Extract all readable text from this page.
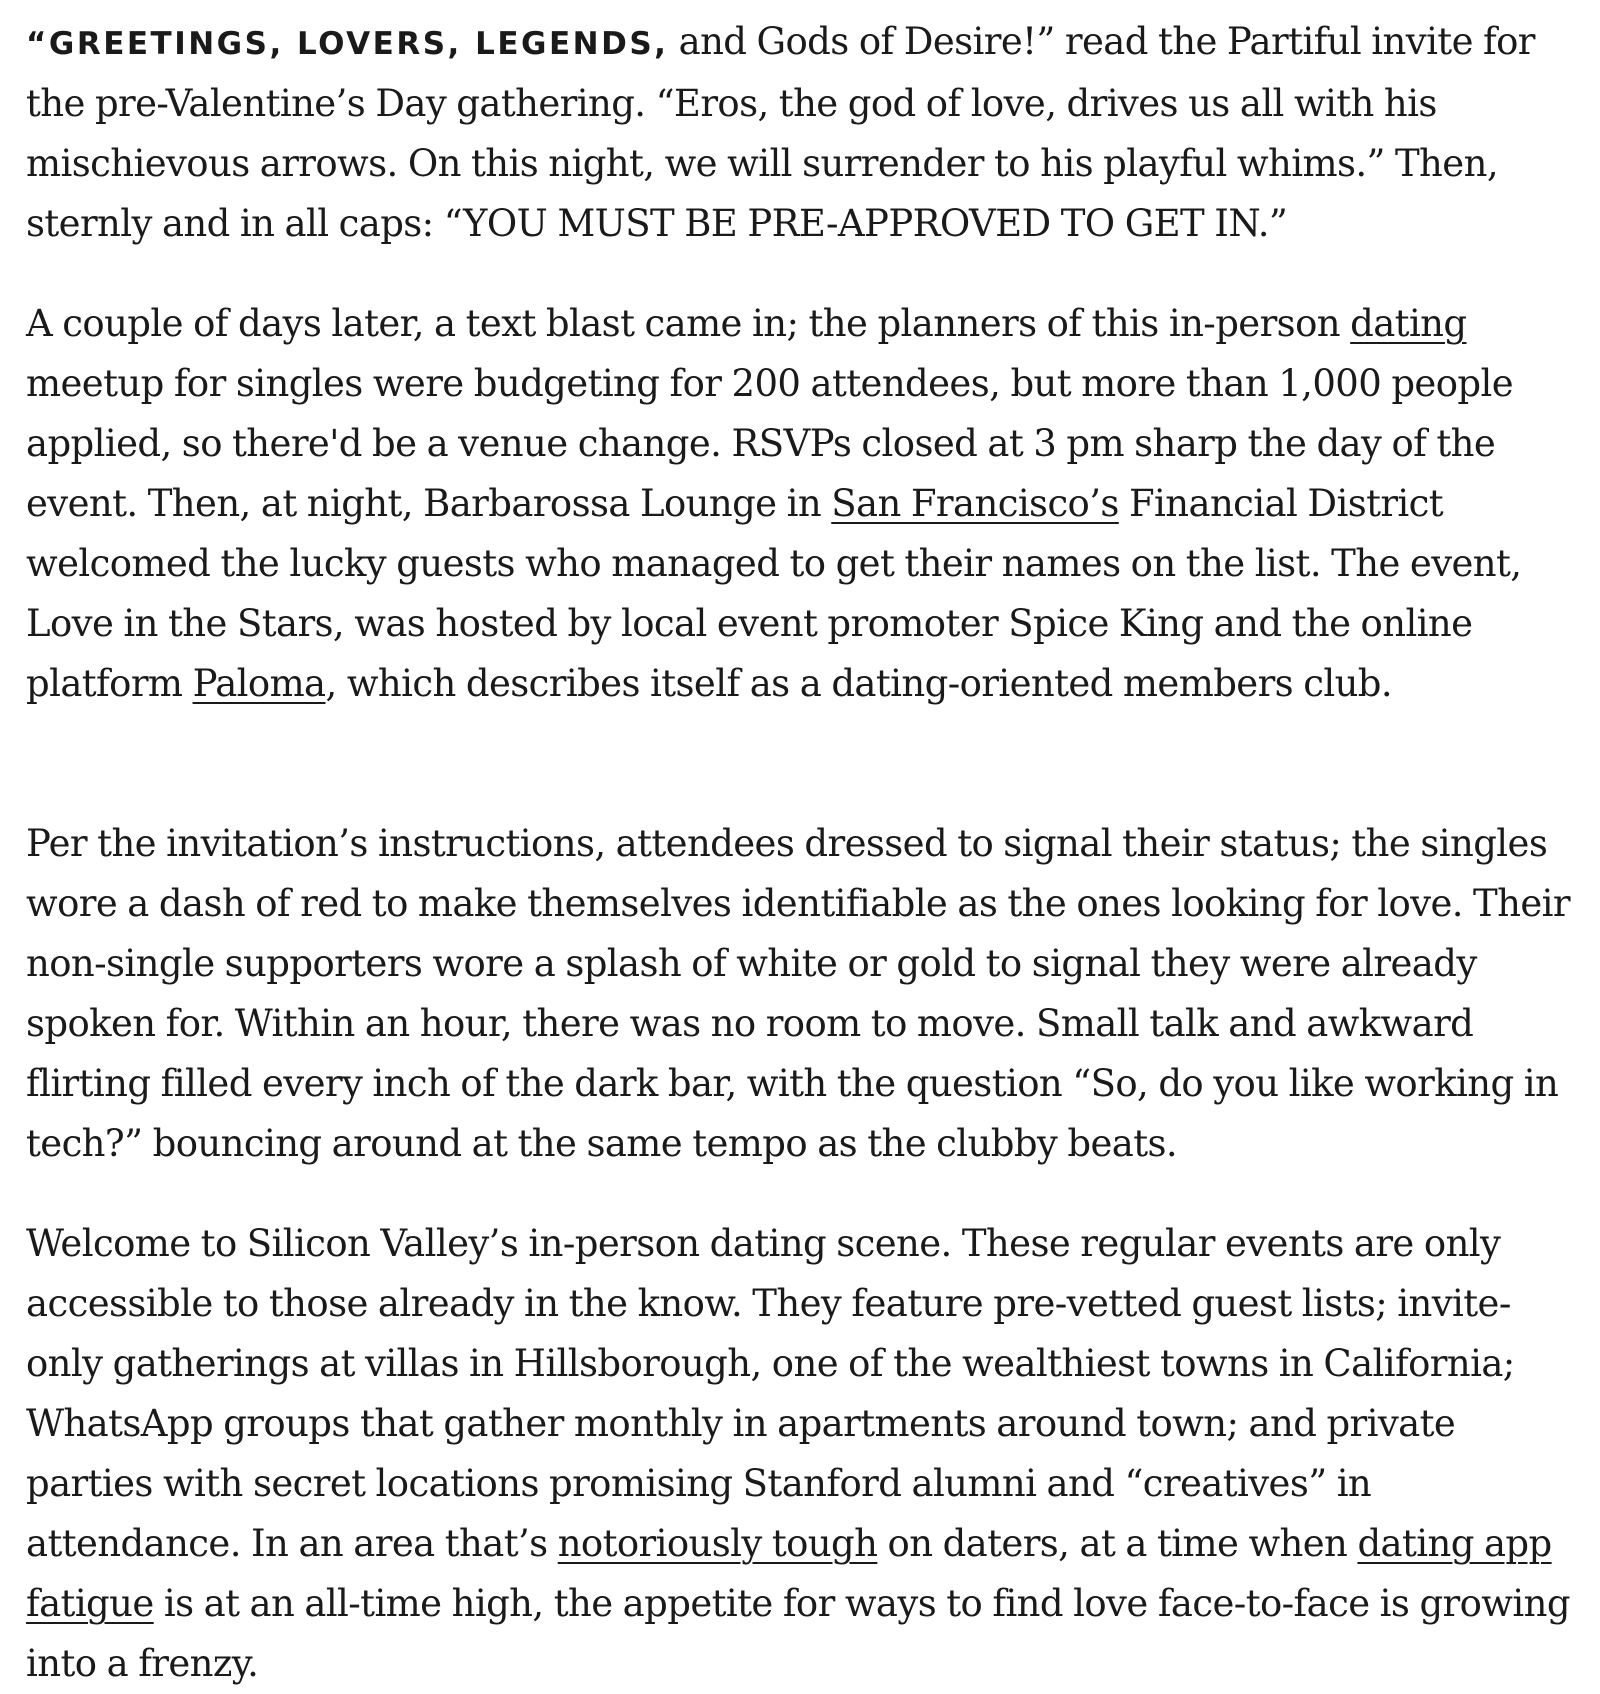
“GREETINGS, LOVERS, LEGENDS, and Gods of Desire!” read the Partiful invite for the pre-Valentine’s Day gathering. “Eros, the god of love, drives us all with his mischievous arrows. On this night, we will surrender to his playful whims.” Then, sternly and in all caps: “YOU MUST BE PRE-APPROVED TO GET IN.”

A couple of days later, a text blast came in; the planners of this in-person dating meetup for singles were budgeting for 200 attendees, but more than 1,000 people applied, so there'd be a venue change. RSVPs closed at 3 pm sharp the day of the event. Then, at night, Barbarossa Lounge in San Francisco’s Financial District welcomed the lucky guests who managed to get their names on the list. The event, Love in the Stars, was hosted by local event promoter Spice King and the online platform Paloma, which describes itself as a dating-oriented members club.

Per the invitation’s instructions, attendees dressed to signal their status; the singles wore a dash of red to make themselves identifiable as the ones looking for love. Their non-single supporters wore a splash of white or gold to signal they were already spoken for. Within an hour, there was no room to move. Small talk and awkward flirting filled every inch of the dark bar, with the question “So, do you like working in tech?” bouncing around at the same tempo as the clubby beats.

Welcome to Silicon Valley’s in-person dating scene. These regular events are only accessible to those already in the know. They feature pre-vetted guest lists; invite-only gatherings at villas in Hillsborough, one of the wealthiest towns in California; WhatsApp groups that gather monthly in apartments around town; and private parties with secret locations promising Stanford alumni and “creatives” in attendance. In an area that’s notoriously tough on daters, at a time when dating app fatigue is at an all-time high, the appetite for ways to find love face-to-face is growing into a frenzy.
